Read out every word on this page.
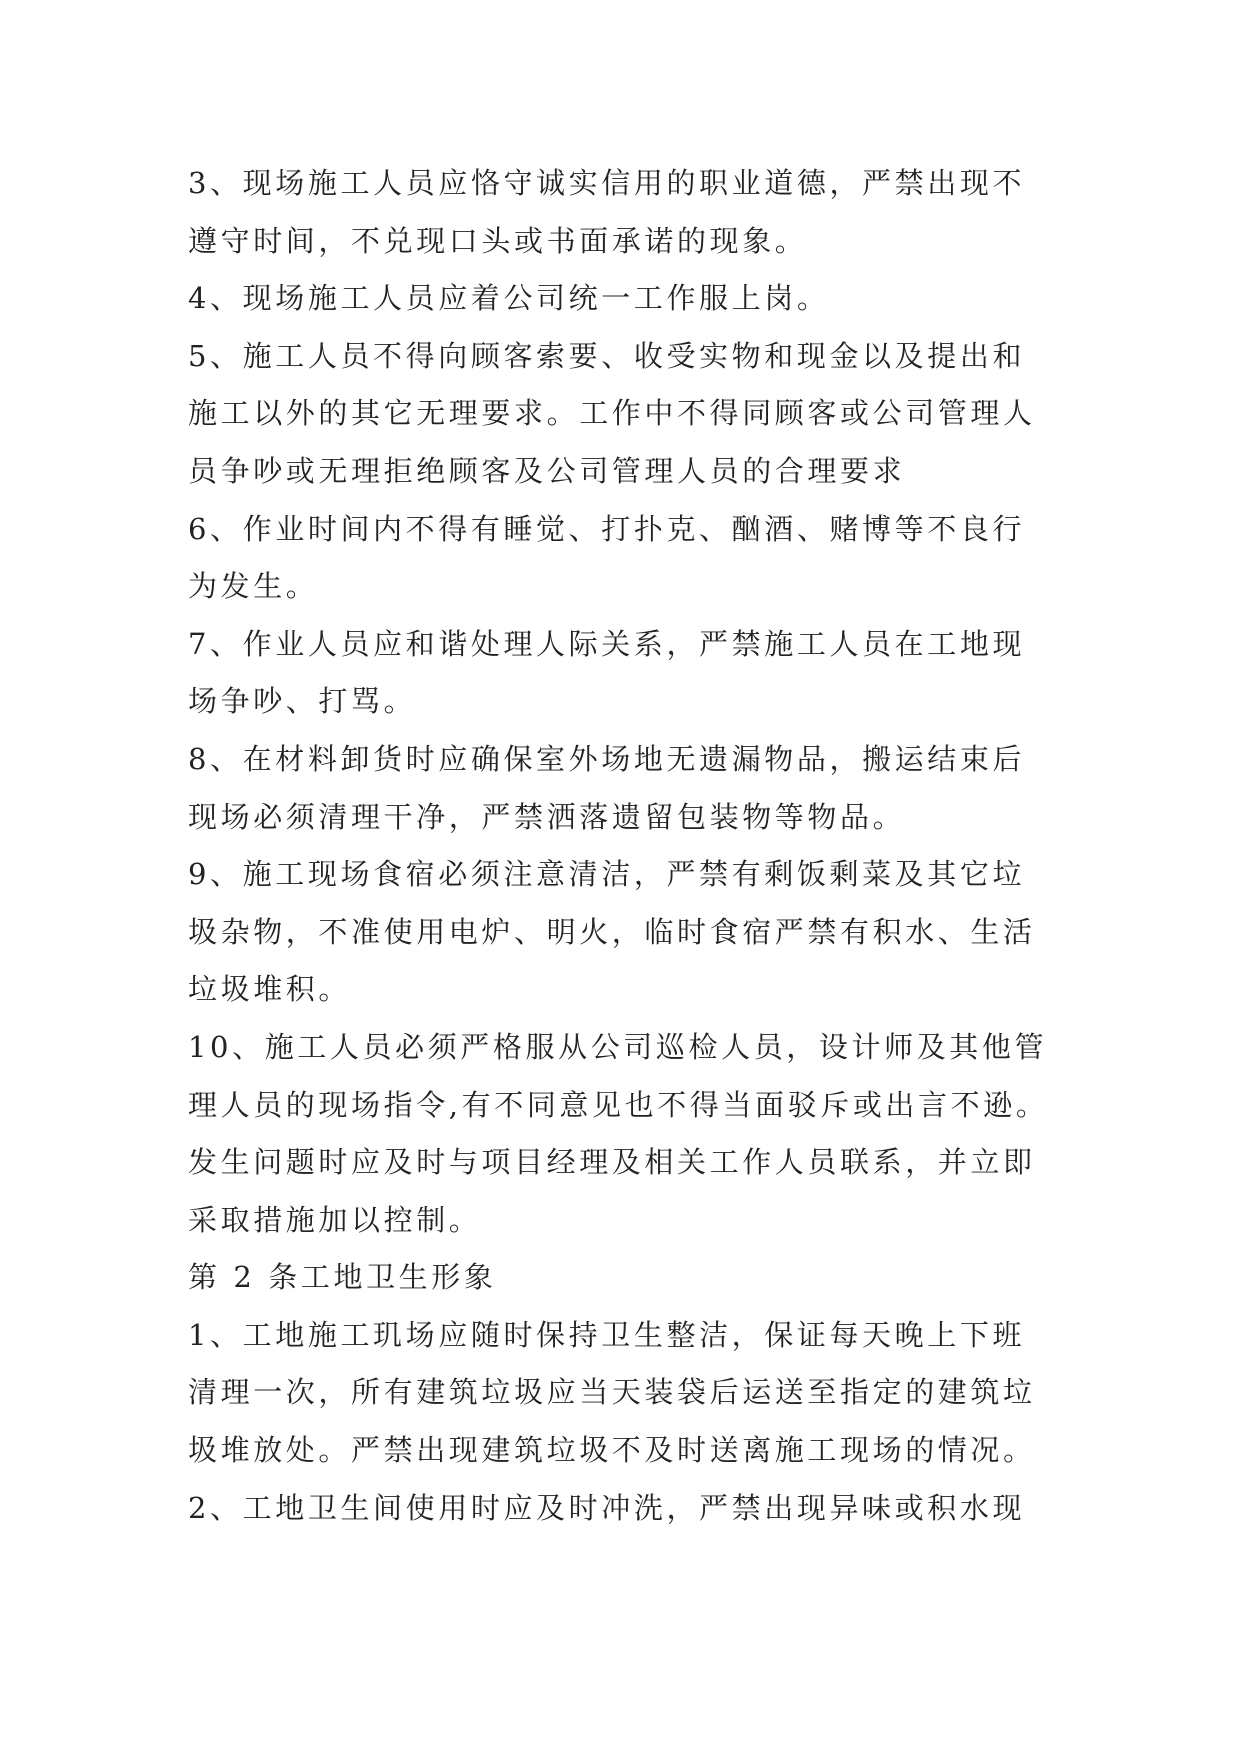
3、现场施工人员应恪守诚实信用的职业道德，严禁出现不
遵守时间，不兑现口头或书面承诺的现象。
4、现场施工人员应着公司统一工作服上岗。
5、施工人员不得向顾客索要、收受实物和现金以及提出和
施工以外的其它无理要求。工作中不得同顾客或公司管理人
员争吵或无理拒绝顾客及公司管理人员的合理要求
6、作业时间内不得有睡觉、打扑克、酗酒、赌博等不良行
为发生。
7、作业人员应和谐处理人际关系，严禁施工人员在工地现
场争吵、打骂。
8、在材料卸货时应确保室外场地无遗漏物品，搬运结束后
现场必须清理干净，严禁洒落遗留包装物等物品。
9、施工现场食宿必须注意清洁，严禁有剩饭剩菜及其它垃
圾杂物，不准使用电炉、明火，临时食宿严禁有积水、生活
垃圾堆积。
10、施工人员必须严格服从公司巡检人员，设计师及其他管
理人员的现场指令,有不同意见也不得当面驳斥或出言不逊。
发生问题时应及时与项目经理及相关工作人员联系，并立即
采取措施加以控制。
第 2 条工地卫生形象
1、工地施工玑场应随时保持卫生整洁，保证每天晚上下班
清理一次，所有建筑垃圾应当天装袋后运送至指定的建筑垃
圾堆放处。严禁出现建筑垃圾不及时送离施工现场的情况。
2、工地卫生间使用时应及时冲洗，严禁出现异味或积水现
